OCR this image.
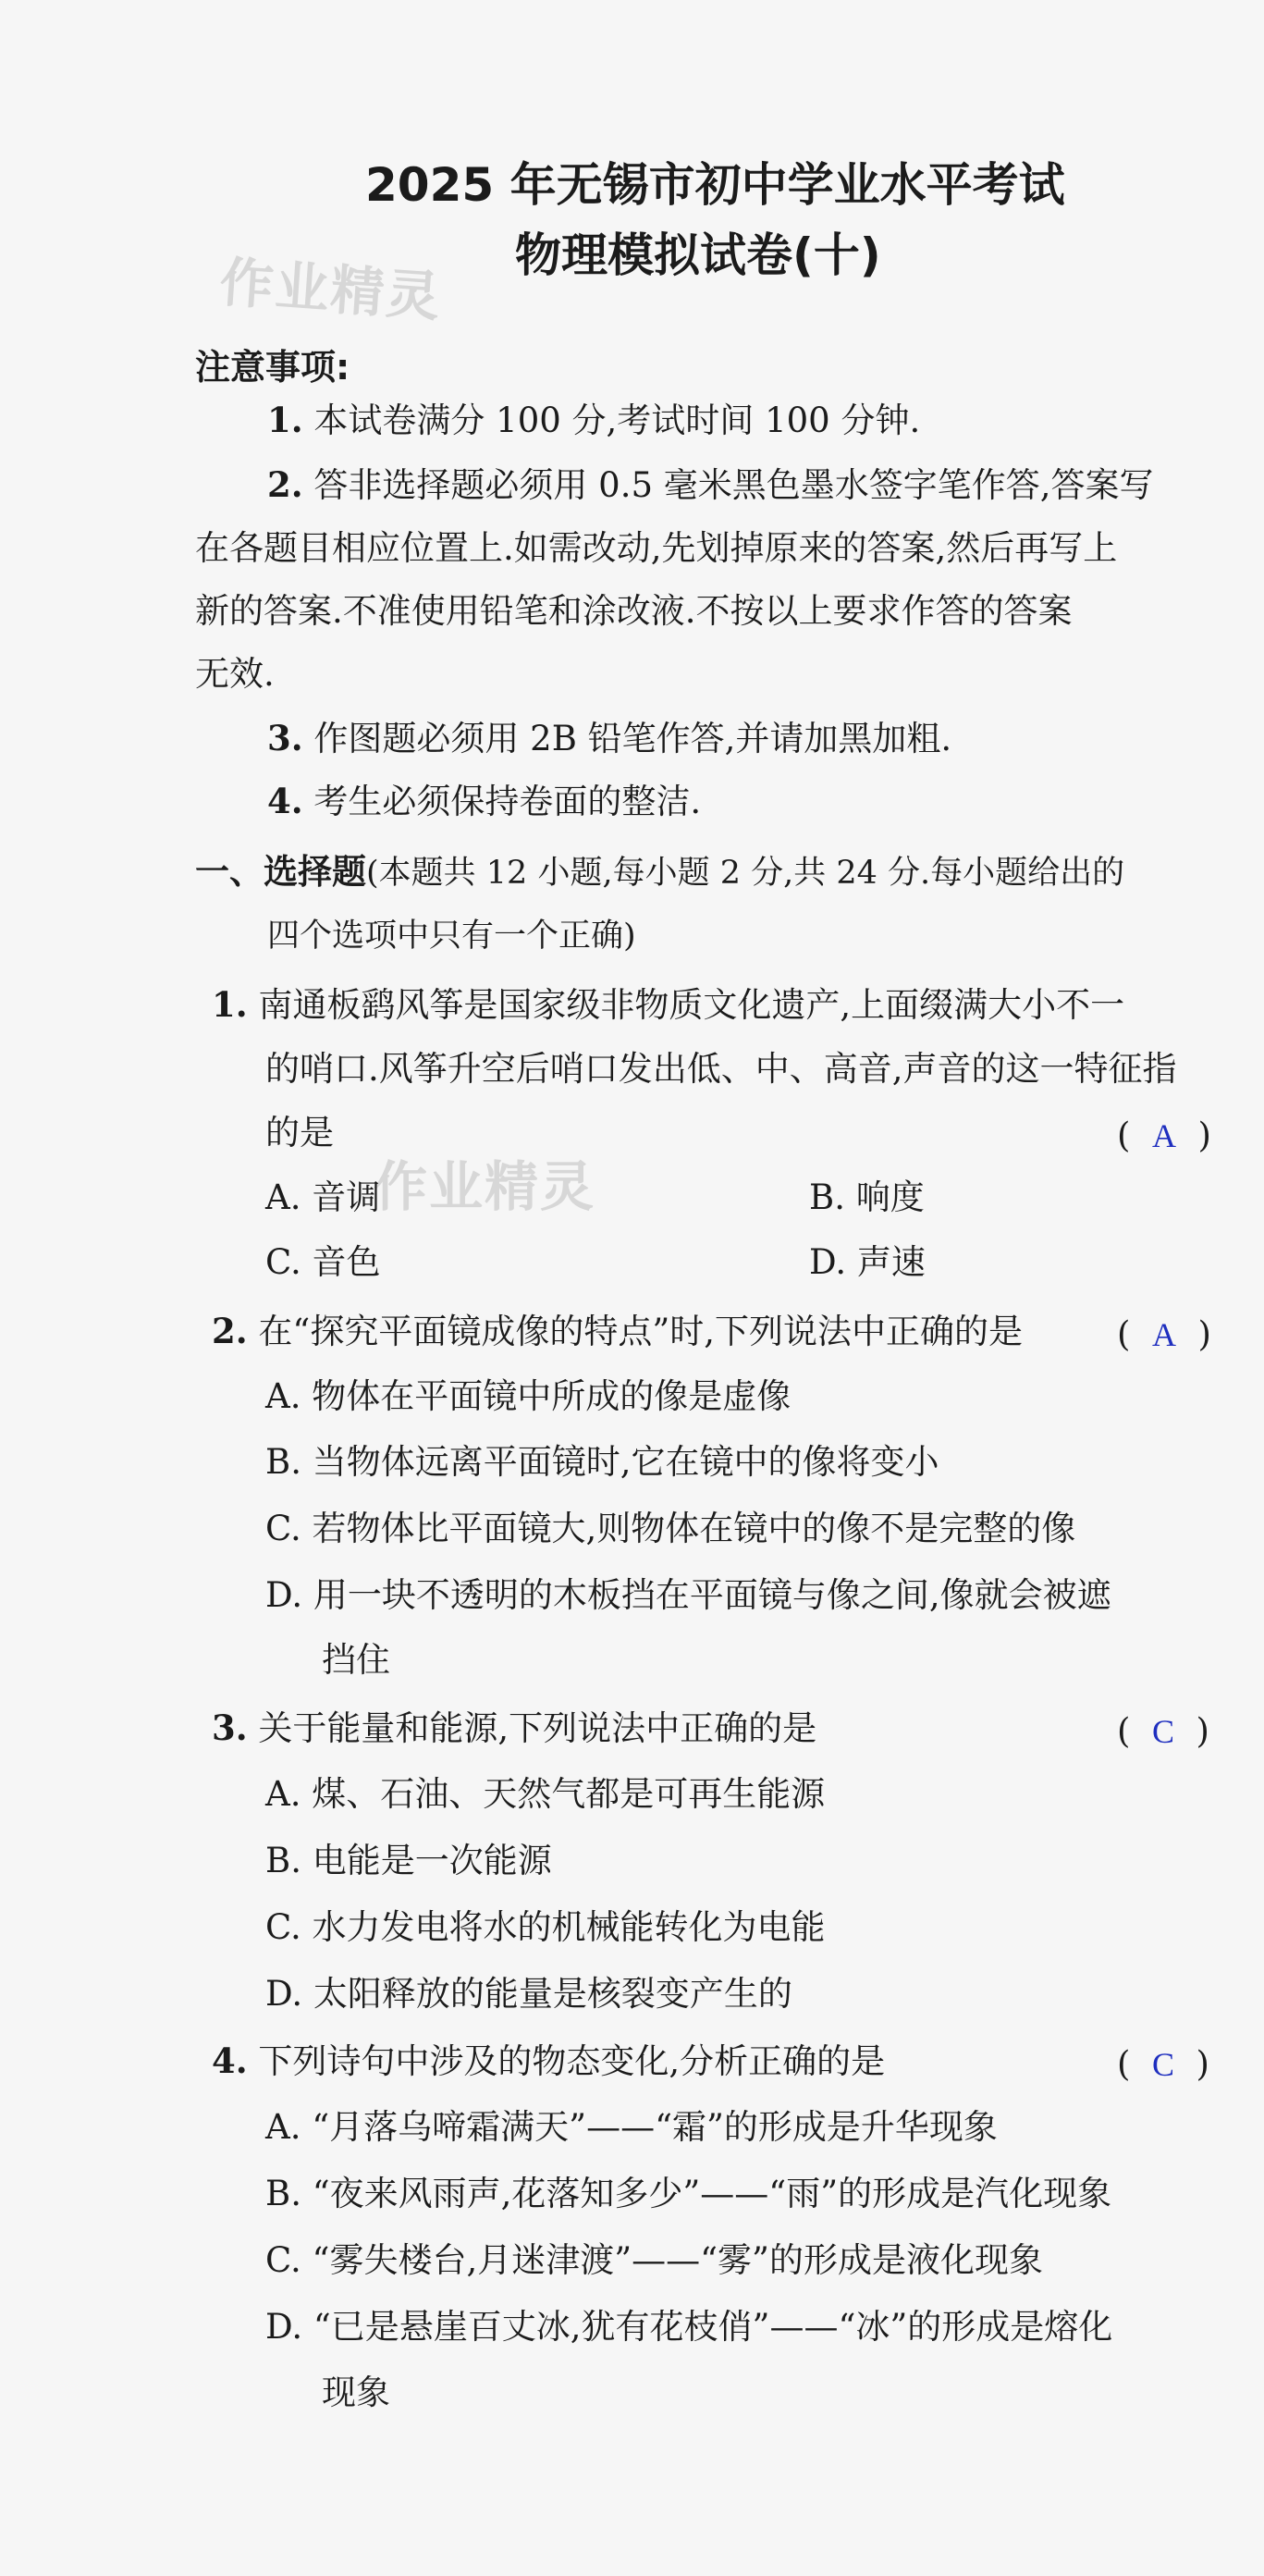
2025 年无锡市初中学业水平考试
物理模拟试卷(十)
作业精灵
作业精灵
注意事项:
1. 本试卷满分 100 分,考试时间 100 分钟.
2. 答非选择题必须用 0.5 毫米黑色墨水签字笔作答,答案写
在各题目相应位置上.如需改动,先划掉原来的答案,然后再写上
新的答案.不准使用铅笔和涂改液.不按以上要求作答的答案
无效.
3. 作图题必须用 2B 铅笔作答,并请加黑加粗.
4. 考生必须保持卷面的整洁.
一、选择题(本题共 12 小题,每小题 2 分,共 24 分.每小题给出的
四个选项中只有一个正确)
1. 南通板鹞风筝是国家级非物质文化遗产,上面缀满大小不一
的哨口.风筝升空后哨口发出低、中、高音,声音的这一特征指
的是	(  A  )
A. 音调	B. 响度
C. 音色	D. 声速
2. 在“探究平面镜成像的特点”时,下列说法中正确的是	(  A  )
A. 物体在平面镜中所成的像是虚像
B. 当物体远离平面镜时,它在镜中的像将变小
C. 若物体比平面镜大,则物体在镜中的像不是完整的像
D. 用一块不透明的木板挡在平面镜与像之间,像就会被遮
挡住
3. 关于能量和能源,下列说法中正确的是	(  C  )
A. 煤、石油、天然气都是可再生能源
B. 电能是一次能源
C. 水力发电将水的机械能转化为电能
D. 太阳释放的能量是核裂变产生的
4. 下列诗句中涉及的物态变化,分析正确的是	(  C  )
A. “月落乌啼霜满天”——“霜”的形成是升华现象
B. “夜来风雨声,花落知多少”——“雨”的形成是汽化现象
C. “雾失楼台,月迷津渡”——“雾”的形成是液化现象
D. “已是悬崖百丈冰,犹有花枝俏”——“冰”的形成是熔化
现象
